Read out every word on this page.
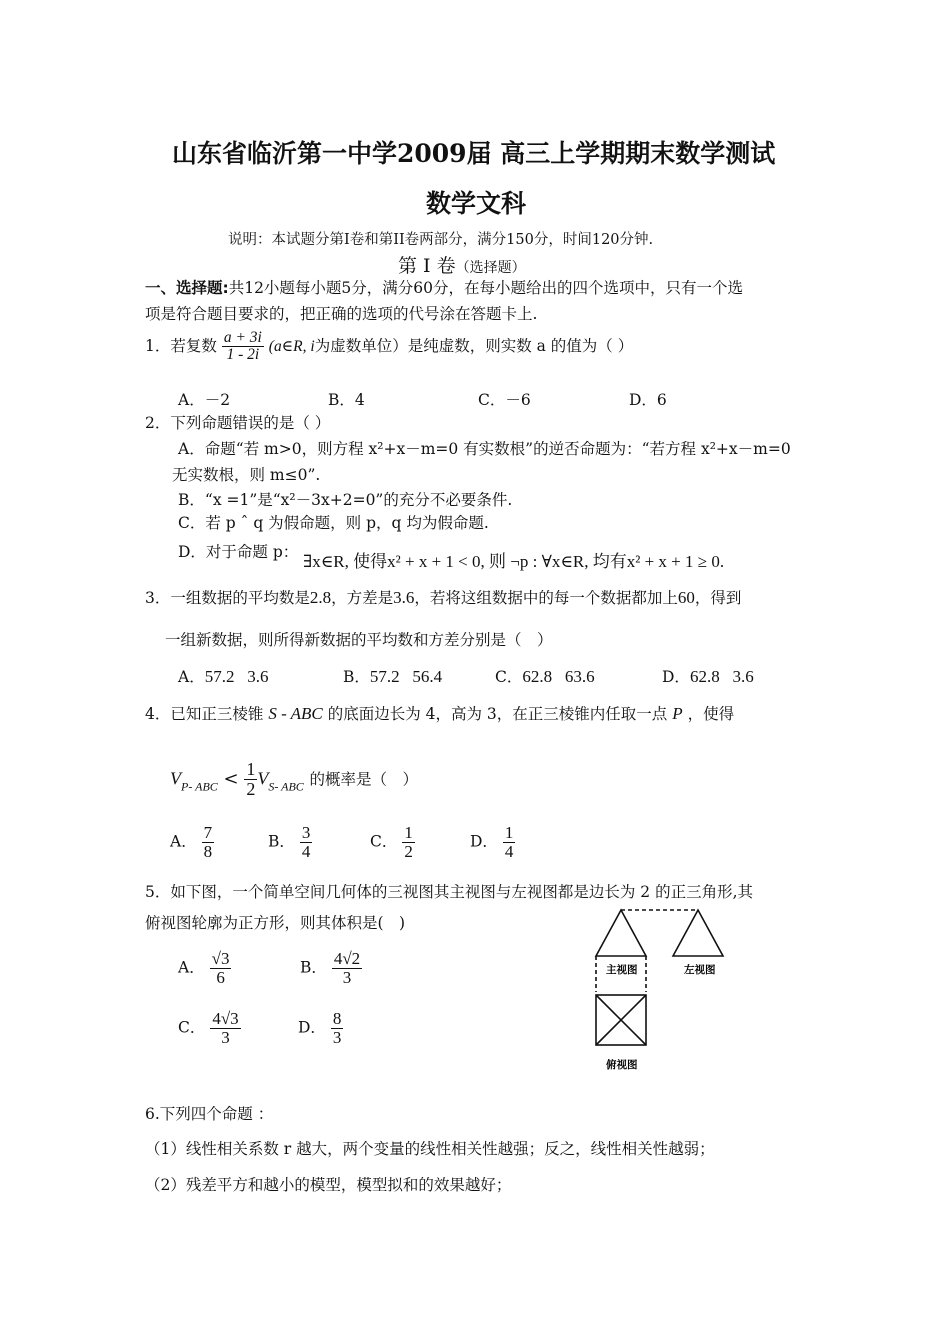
山东省临沂第一中学2009届 高三上学期期末数学测试
数学文科
说明：本试题分第I卷和第II卷两部分，满分150分，时间120分钟.
第 I 卷（选择题）
一、选择题:共12小题每小题5分，满分60分，在每小题给出的四个选项中，只有一个选
项是符合题目要求的，把正确的选项的代号涂在答题卡上.
1．若复数 $\frac{a + 3i}{1 - 2i}$ (a∈R, i为虚数单位）是纯虚数，则实数 a 的值为（ ）
A．－2	B．4	C．－6	D．6
2．下列命题错误的是（ ）
A．命题“若 m>0，则方程 x²+x－m=0 有实数根”的逆否命题为：“若方程 x²+x－m=0
无实数根，则 m≤0”.
B．“x =1”是“x²－3x+2=0”的充分不必要条件.
C．若 p ˆ q 为假命题，则 p，q 均为假命题.
D．对于命题 p： ∃x∈R, 使得x² + x + 1 < 0, 则 ¬p : ∀x∈R, 均有x² + x + 1 ≥ 0.
3．一组数据的平均数是2.8，方差是3.6，若将这组数据中的每一个数据都加上60，得到
一组新数据，则所得新数据的平均数和方差分别是（　）
A．57.2   3.6	B．57.2   56.4	C．62.8   63.6	D．62.8   3.6
4．已知正三棱锥 S - ABC 的底面边长为 4，高为 3，在正三棱锥内任取一点 P ，使得
$V_{P- ABC} < \frac{1}{2} V_{S- ABC}$ 的概率是（　）
A． $\frac{7}{8}$	B． $\frac{3}{4}$	C． $\frac{1}{2}$	D． $\frac{1}{4}$
5．如下图，一个简单空间几何体的三视图其主视图与左视图都是边长为 2 的正三角形,其
俯视图轮廓为正方形，则其体积是(　)
A． $\frac{√3}{6}$	B． $\frac{4√2}{3}$
C． $\frac{4√3}{3}$	D． $\frac{8}{3}$
主视图	左视图
俯视图
6.下列四个命题 ：
（1）线性相关系数 r 越大，两个变量的线性相关性越强；反之，线性相关性越弱；
（2）残差平方和越小的模型，模型拟和的效果越好；
